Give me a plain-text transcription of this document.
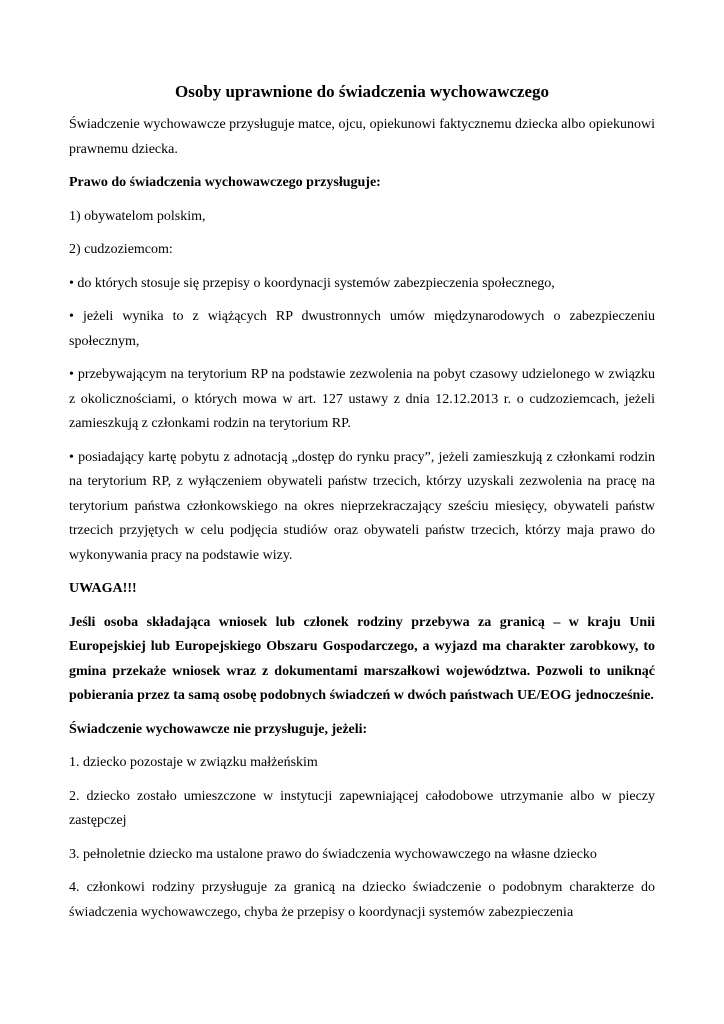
Osoby uprawnione do świadczenia wychowawczego

Świadczenie wychowawcze przysługuje matce, ojcu, opiekunowi faktycznemu dziecka albo opiekunowi prawnemu dziecka.

Prawo do świadczenia wychowawczego przysługuje:

1) obywatelom polskim,

2) cudzoziemcom:

• do których stosuje się przepisy o koordynacji systemów zabezpieczenia społecznego,

• jeżeli wynika to z wiążących RP dwustronnych umów międzynarodowych o zabezpieczeniu społecznym,

• przebywającym na terytorium RP na podstawie zezwolenia na pobyt czasowy udzielonego w związku z okolicznościami, o których mowa w art. 127 ustawy z dnia 12.12.2013 r. o cudzoziemcach, jeżeli zamieszkują z członkami rodzin na terytorium RP.

• posiadający kartę pobytu z adnotacją „dostęp do rynku pracy”, jeżeli zamieszkują z członkami rodzin na terytorium RP, z wyłączeniem obywateli państw trzecich, którzy uzyskali zezwolenia na pracę na terytorium państwa członkowskiego na okres nieprzekraczający sześciu miesięcy, obywateli państw trzecich przyjętych w celu podjęcia studiów oraz obywateli państw trzecich, którzy maja prawo do wykonywania pracy na podstawie wizy.

UWAGA!!!

Jeśli osoba składająca wniosek lub członek rodziny przebywa za granicą – w kraju Unii Europejskiej lub Europejskiego Obszaru Gospodarczego, a wyjazd ma charakter zarobkowy, to gmina przekaże wniosek wraz z dokumentami marszałkowi województwa. Pozwoli to uniknąć pobierania przez ta samą osobę podobnych świadczeń w dwóch państwach UE/EOG jednocześnie.

Świadczenie wychowawcze nie przysługuje, jeżeli:

1. dziecko pozostaje w związku małżeńskim

2. dziecko zostało umieszczone w instytucji zapewniającej całodobowe utrzymanie albo w pieczy zastępczej

3. pełnoletnie dziecko ma ustalone prawo do świadczenia wychowawczego na własne dziecko

4. członkowi rodziny przysługuje za granicą na dziecko świadczenie o podobnym charakterze do świadczenia wychowawczego, chyba że przepisy o koordynacji systemów zabezpieczenia
